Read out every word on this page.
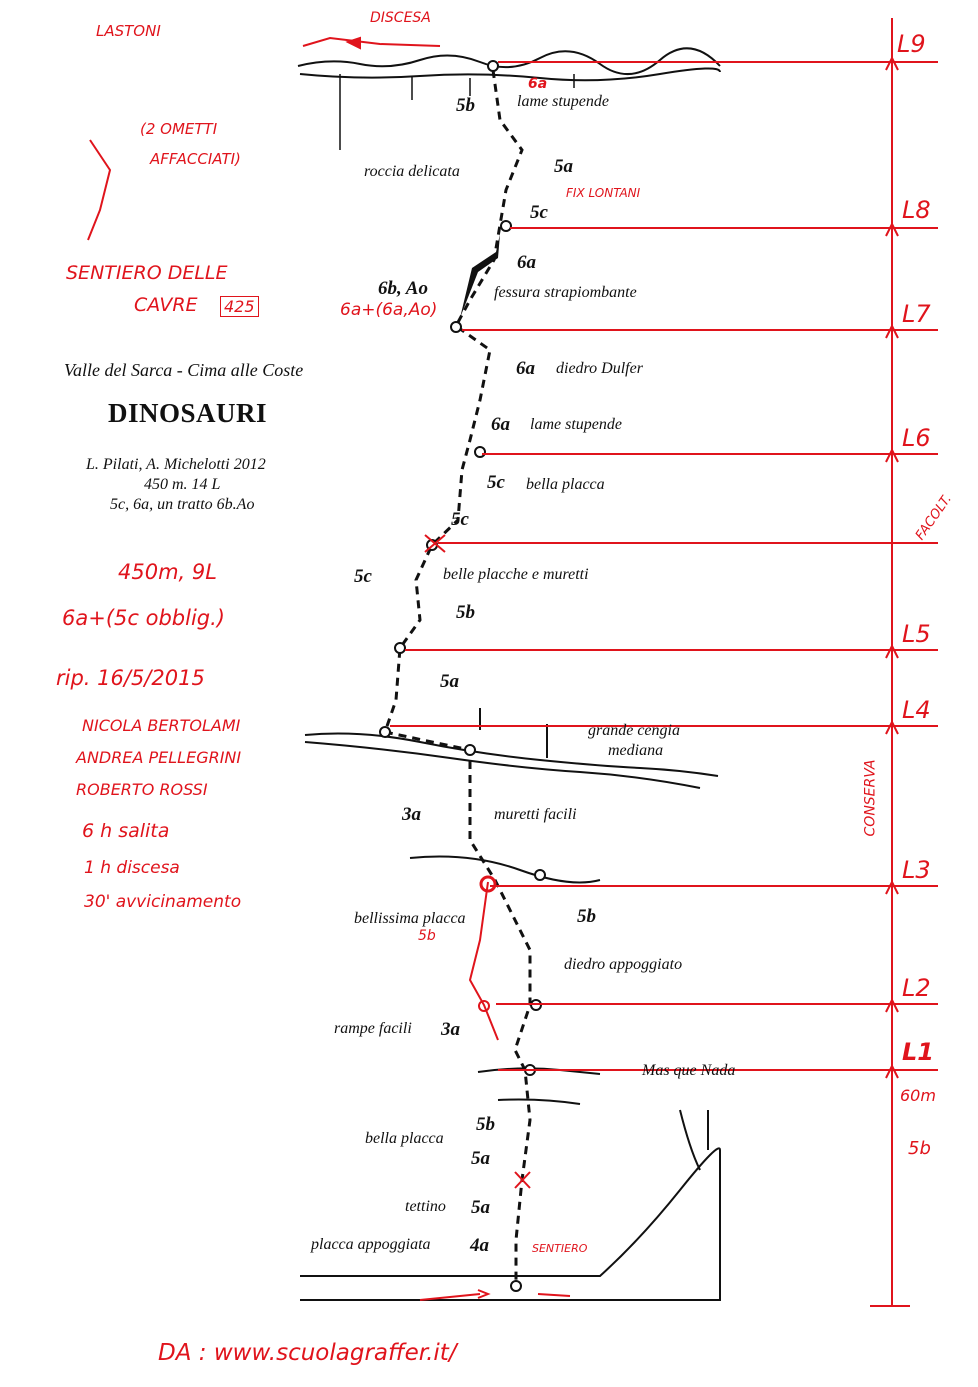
lame stupende
roccia delicata
fessura strapiombante
diedro Dulfer
lame stupende
bella placca
belle placche e muretti
grande cengia
mediana
muretti facili
bellissima placca
diedro appoggiato
rampe facili
Mas que Nada
bella placca
tettino
placca appoggiata
5b
5a
5c
6a
6b, Ao
6a
6a
5c
5c
5c
5b
5a
3a
5b
3a
5b
5a
5a
4a
Valle del Sarca - Cima alle Coste
DINOSAURI
L. Pilati, A. Michelotti 2012
450 m. 14 L
5c, 6a, un tratto 6b.Ao
DISCESA
LASTONI
(2 OMETTI
AFFACCIATI)
SENTIERO DELLE
CAVRE 425
FIX LONTANI
6a+(6a,Ao)
6a
450m, 9L
6a+(5c obblig.)
rip. 16/5/2015
NICOLA BERTOLAMI
ANDREA PELLEGRINI
ROBERTO ROSSI
6 h salita
1 h discesa
30' avvicinamento
FACOLT.
CONSERVA
5b
60m
5b
SENTIERO
DA : www.scuolagraffer.it/
L9
L8
L7
L6
L5
L4
L3
L2
L1
